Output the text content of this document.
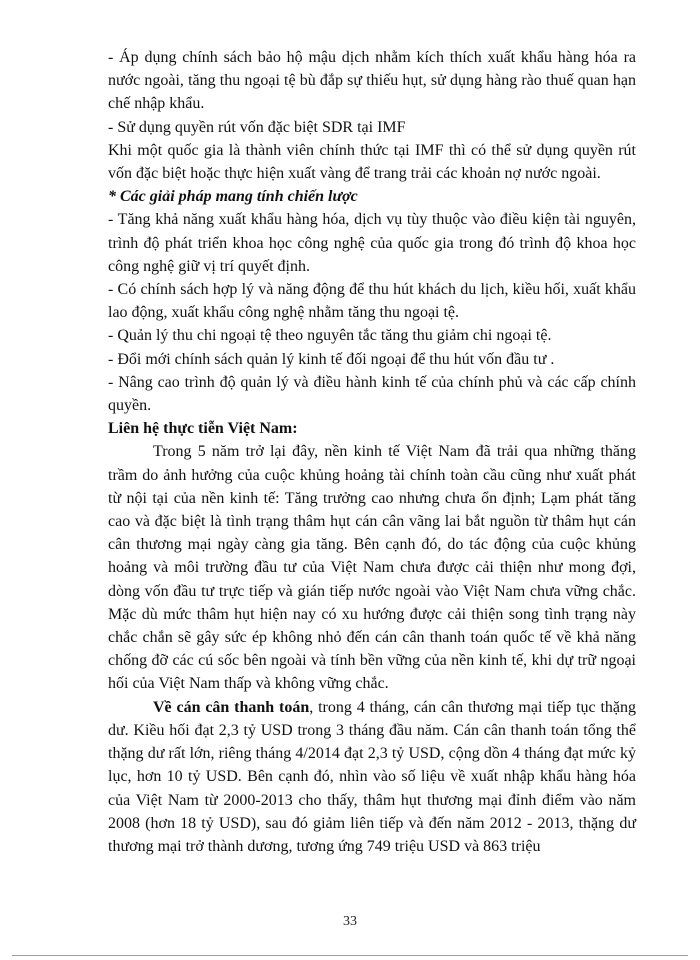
- Áp dụng chính sách bảo hộ mậu dịch nhằm kích thích xuất khẩu hàng hóa ra nước ngoài, tăng thu ngoại tệ bù đắp sự thiếu hụt, sử dụng hàng rào thuế quan hạn chế nhập khẩu.

- Sử dụng quyền rút vốn đặc biệt SDR tại IMF

Khi một quốc gia là thành viên chính thức tại IMF thì có thể sử dụng quyền rút vốn đặc biệt hoặc thực hiện xuất vàng để trang trải các khoản nợ nước ngoài.

* Các giải pháp mang tính chiến lược

- Tăng khả năng xuất khẩu hàng hóa, dịch vụ tùy thuộc vào điều kiện tài nguyên, trình độ phát triển khoa học công nghệ của quốc gia trong đó trình độ khoa học công nghệ giữ vị trí quyết định.

- Có chính sách hợp lý và năng động để thu hút khách du lịch, kiều hối, xuất khẩu lao động, xuất khẩu công nghệ nhằm tăng thu ngoại tệ.

- Quản lý thu chi ngoại tệ theo nguyên tắc tăng thu giảm chi ngoại tệ.

- Đổi mới chính sách quản lý kinh tế đối ngoại để thu hút vốn đầu tư .

- Nâng cao trình độ quản lý và điều hành kinh tế của chính phủ và các cấp chính quyền.

Liên hệ thực tiễn Việt Nam:

Trong 5 năm trở lại đây, nền kinh tế Việt Nam đã trải qua những thăng trầm do ảnh hưởng của cuộc khủng hoảng tài chính toàn cầu cũng như xuất phát từ nội tại của nền kinh tế: Tăng trưởng cao nhưng chưa ổn định; Lạm phát tăng cao và đặc biệt là tình trạng thâm hụt cán cân vãng lai bắt nguồn từ thâm hụt cán cân thương mại ngày càng gia tăng. Bên cạnh đó, do tác động của cuộc khủng hoảng và môi trường đầu tư của Việt Nam chưa được cải thiện như mong đợi, dòng vốn đầu tư trực tiếp và gián tiếp nước ngoài vào Việt Nam chưa vững chắc. Mặc dù mức thâm hụt hiện nay có xu hướng được cải thiện song tình trạng này chắc chắn sẽ gây sức ép không nhỏ đến cán cân thanh toán quốc tế về khả năng chống đỡ các cú sốc bên ngoài và tính bền vững của nền kinh tế, khi dự trữ ngoại hối của Việt Nam thấp và không vững chắc.

Về cán cân thanh toán, trong 4 tháng, cán cân thương mại tiếp tục thặng dư. Kiều hối đạt 2,3 tỷ USD trong 3 tháng đầu năm. Cán cân thanh toán tổng thể thặng dư rất lớn, riêng tháng 4/2014 đạt 2,3 tỷ USD, cộng dồn 4 tháng đạt mức kỷ lục, hơn 10 tỷ USD. Bên cạnh đó, nhìn vào số liệu về xuất nhập khẩu hàng hóa của Việt Nam từ 2000-2013 cho thấy, thâm hụt thương mại đỉnh điểm vào năm 2008 (hơn 18 tỷ USD), sau đó giảm liên tiếp và đến năm 2012 - 2013, thặng dư thương mại trở thành dương, tương ứng 749 triệu USD và 863 triệu

33
